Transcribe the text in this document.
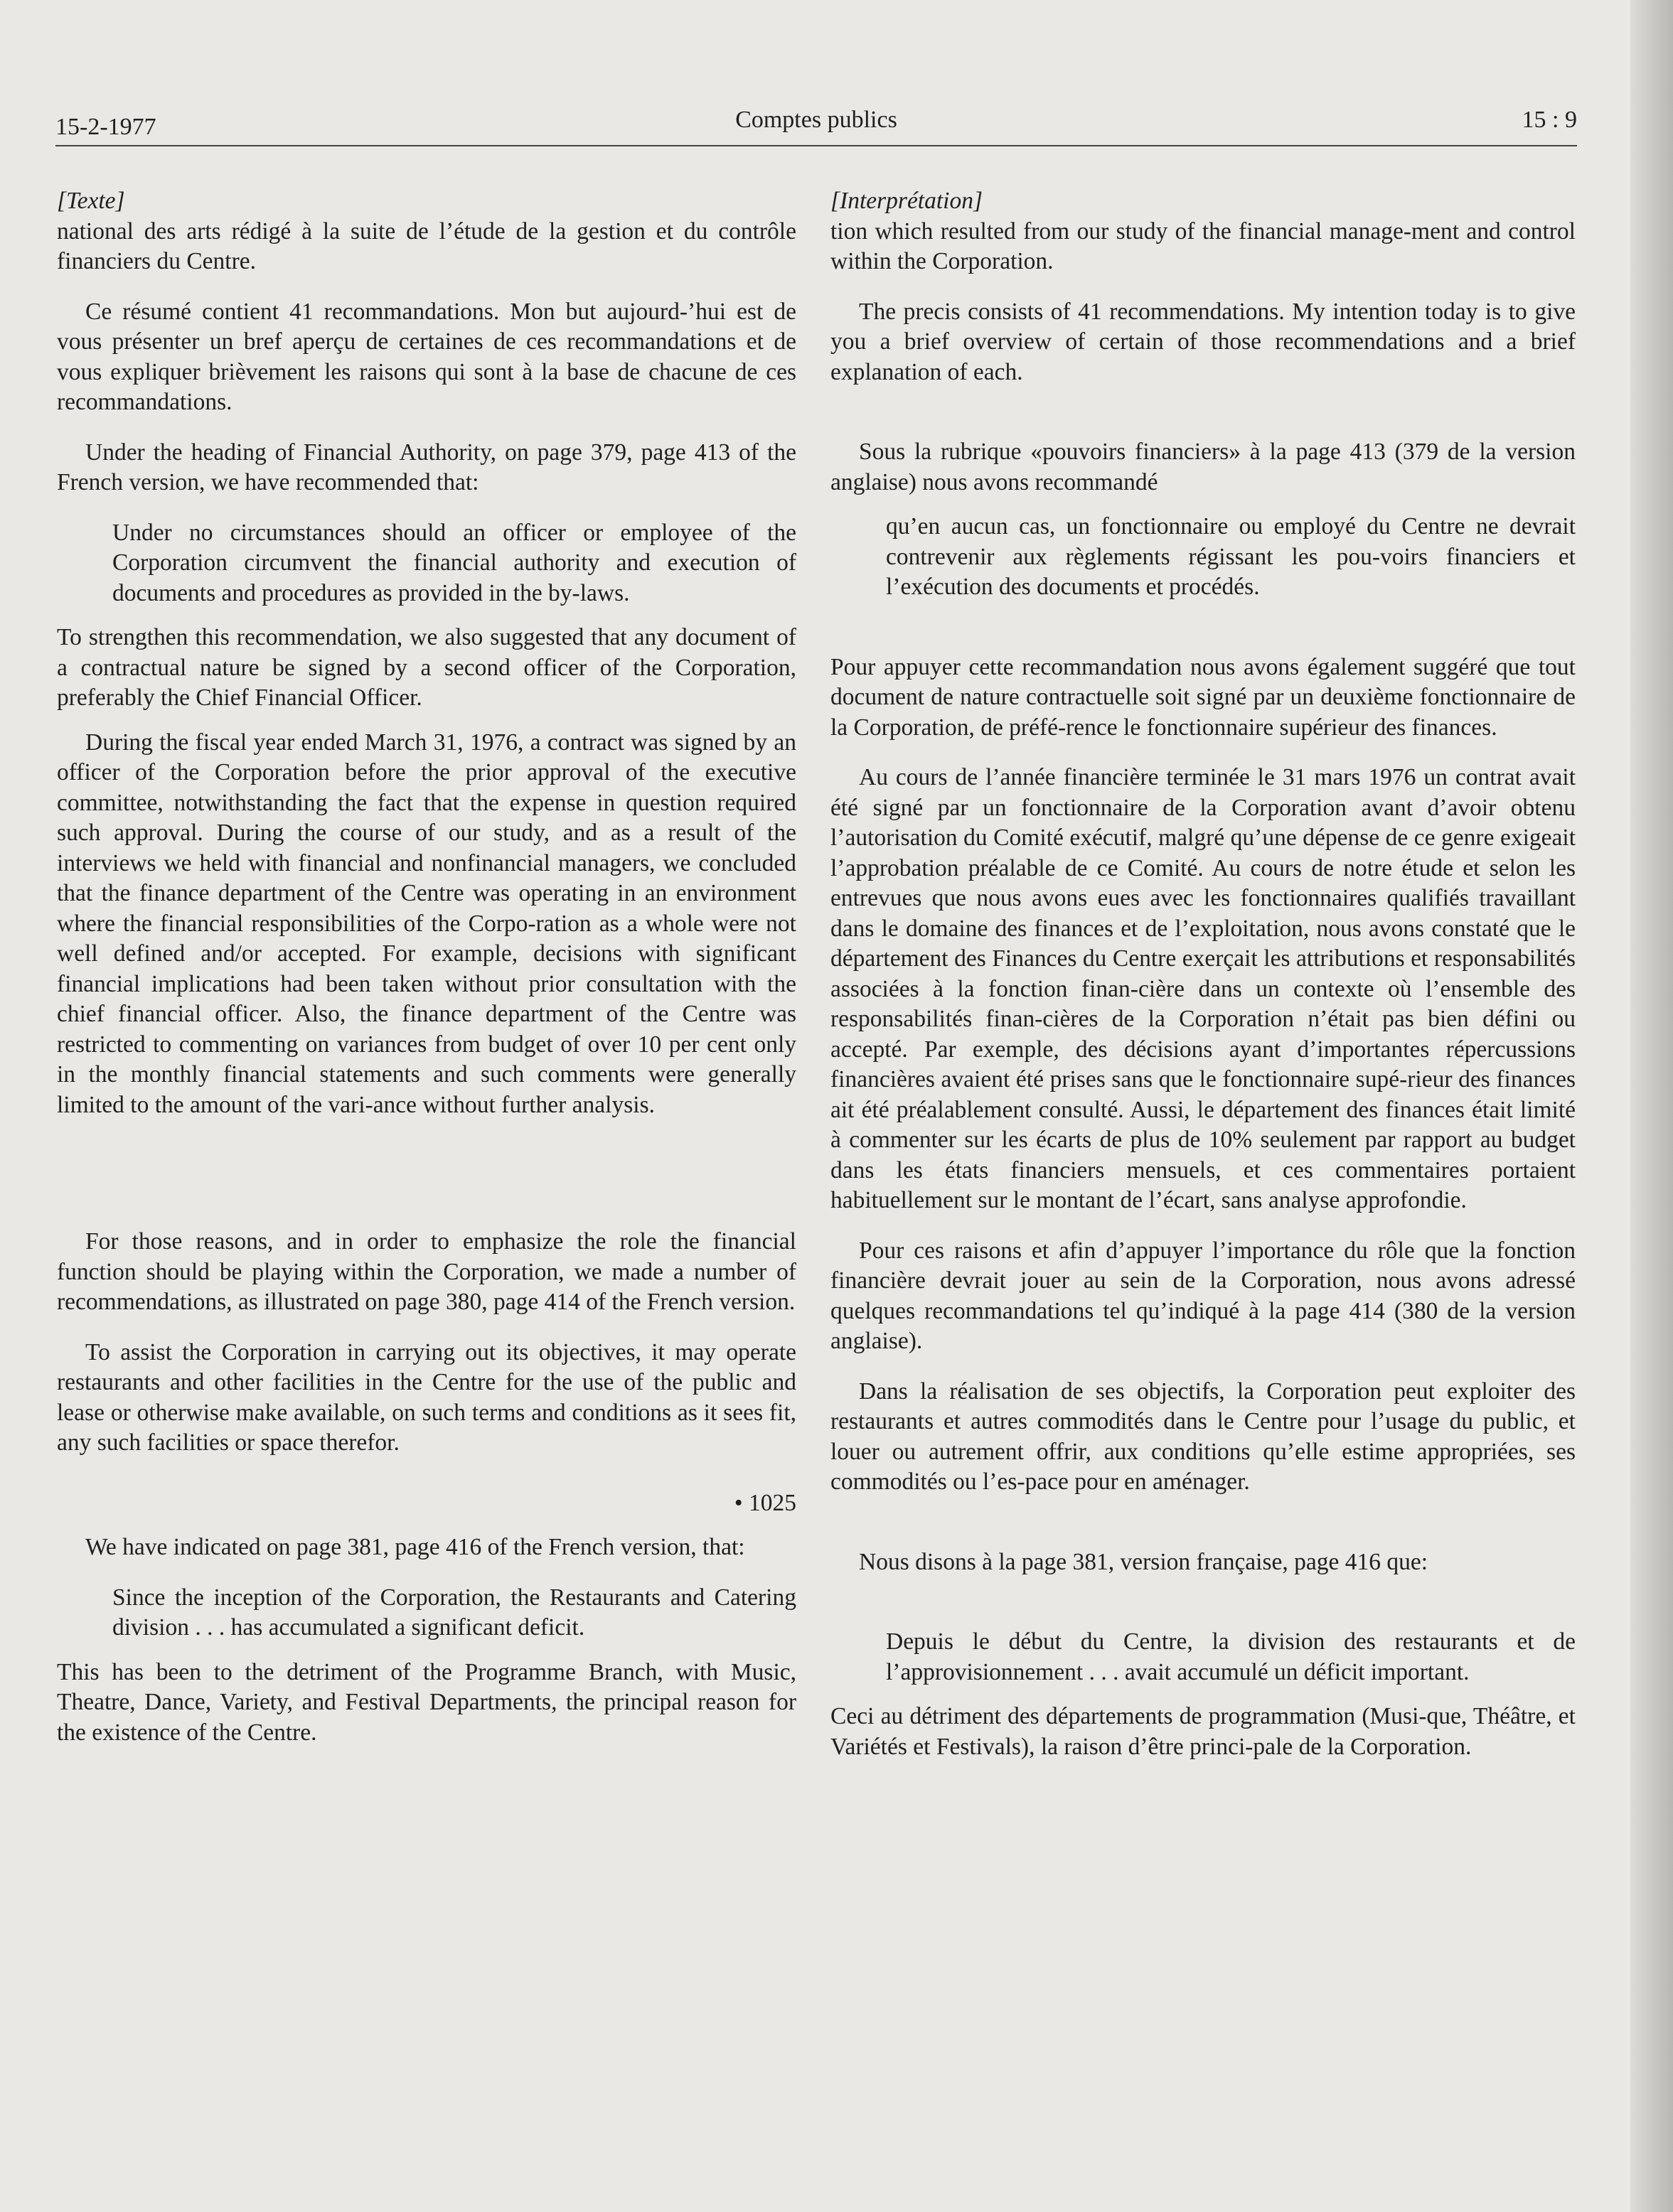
15-2-1977	Comptes publics	15 : 9

[Texte]

national des arts rédigé à la suite de l’étude de la gestion et du contrôle financiers du Centre.

Ce résumé contient 41 recommandations. Mon but aujourd-’hui est de vous présenter un bref aperçu de certaines de ces recommandations et de vous expliquer brièvement les raisons qui sont à la base de chacune de ces recommandations.

Under the heading of Financial Authority, on page 379, page 413 of the French version, we have recommended that:

Under no circumstances should an officer or employee of the Corporation circumvent the financial authority and execution of documents and procedures as provided in the by-laws.

To strengthen this recommendation, we also suggested that any document of a contractual nature be signed by a second officer of the Corporation, preferably the Chief Financial Officer.

During the fiscal year ended March 31, 1976, a contract was signed by an officer of the Corporation before the prior approval of the executive committee, notwithstanding the fact that the expense in question required such approval. During the course of our study, and as a result of the interviews we held with financial and nonfinancial managers, we concluded that the finance department of the Centre was operating in an environment where the financial responsibilities of the Corpo-ration as a whole were not well defined and/or accepted. For example, decisions with significant financial implications had been taken without prior consultation with the chief financial officer. Also, the finance department of the Centre was restricted to commenting on variances from budget of over 10 per cent only in the monthly financial statements and such comments were generally limited to the amount of the vari-ance without further analysis.

For those reasons, and in order to emphasize the role the financial function should be playing within the Corporation, we made a number of recommendations, as illustrated on page 380, page 414 of the French version.

To assist the Corporation in carrying out its objectives, it may operate restaurants and other facilities in the Centre for the use of the public and lease or otherwise make available, on such terms and conditions as it sees fit, any such facilities or space therefor.

• 1025

We have indicated on page 381, page 416 of the French version, that:

Since the inception of the Corporation, the Restaurants and Catering division . . . has accumulated a significant deficit.

This has been to the detriment of the Programme Branch, with Music, Theatre, Dance, Variety, and Festival Departments, the principal reason for the existence of the Centre.

[Interprétation]

tion which resulted from our study of the financial manage-ment and control within the Corporation.

The precis consists of 41 recommendations. My intention today is to give you a brief overview of certain of those recommendations and a brief explanation of each.

Sous la rubrique «pouvoirs financiers» à la page 413 (379 de la version anglaise) nous avons recommandé

qu’en aucun cas, un fonctionnaire ou employé du Centre ne devrait contrevenir aux règlements régissant les pou-voirs financiers et l’exécution des documents et procédés.

Pour appuyer cette recommandation nous avons également suggéré que tout document de nature contractuelle soit signé par un deuxième fonctionnaire de la Corporation, de préfé-rence le fonctionnaire supérieur des finances.

Au cours de l’année financière terminée le 31 mars 1976 un contrat avait été signé par un fonctionnaire de la Corporation avant d’avoir obtenu l’autorisation du Comité exécutif, malgré qu’une dépense de ce genre exigeait l’approbation préalable de ce Comité. Au cours de notre étude et selon les entrevues que nous avons eues avec les fonctionnaires qualifiés travaillant dans le domaine des finances et de l’exploitation, nous avons constaté que le département des Finances du Centre exerçait les attributions et responsabilités associées à la fonction finan-cière dans un contexte où l’ensemble des responsabilités finan-cières de la Corporation n’était pas bien défini ou accepté. Par exemple, des décisions ayant d’importantes répercussions financières avaient été prises sans que le fonctionnaire supé-rieur des finances ait été préalablement consulté. Aussi, le département des finances était limité à commenter sur les écarts de plus de 10% seulement par rapport au budget dans les états financiers mensuels, et ces commentaires portaient habituellement sur le montant de l’écart, sans analyse approfondie.

Pour ces raisons et afin d’appuyer l’importance du rôle que la fonction financière devrait jouer au sein de la Corporation, nous avons adressé quelques recommandations tel qu’indiqué à la page 414 (380 de la version anglaise).

Dans la réalisation de ses objectifs, la Corporation peut exploiter des restaurants et autres commodités dans le Centre pour l’usage du public, et louer ou autrement offrir, aux conditions qu’elle estime appropriées, ses commodités ou l’es-pace pour en aménager.

Nous disons à la page 381, version française, page 416 que:

Depuis le début du Centre, la division des restaurants et de l’approvisionnement . . . avait accumulé un déficit important.

Ceci au détriment des départements de programmation (Musi-que, Théâtre, et Variétés et Festivals), la raison d’être princi-pale de la Corporation.
